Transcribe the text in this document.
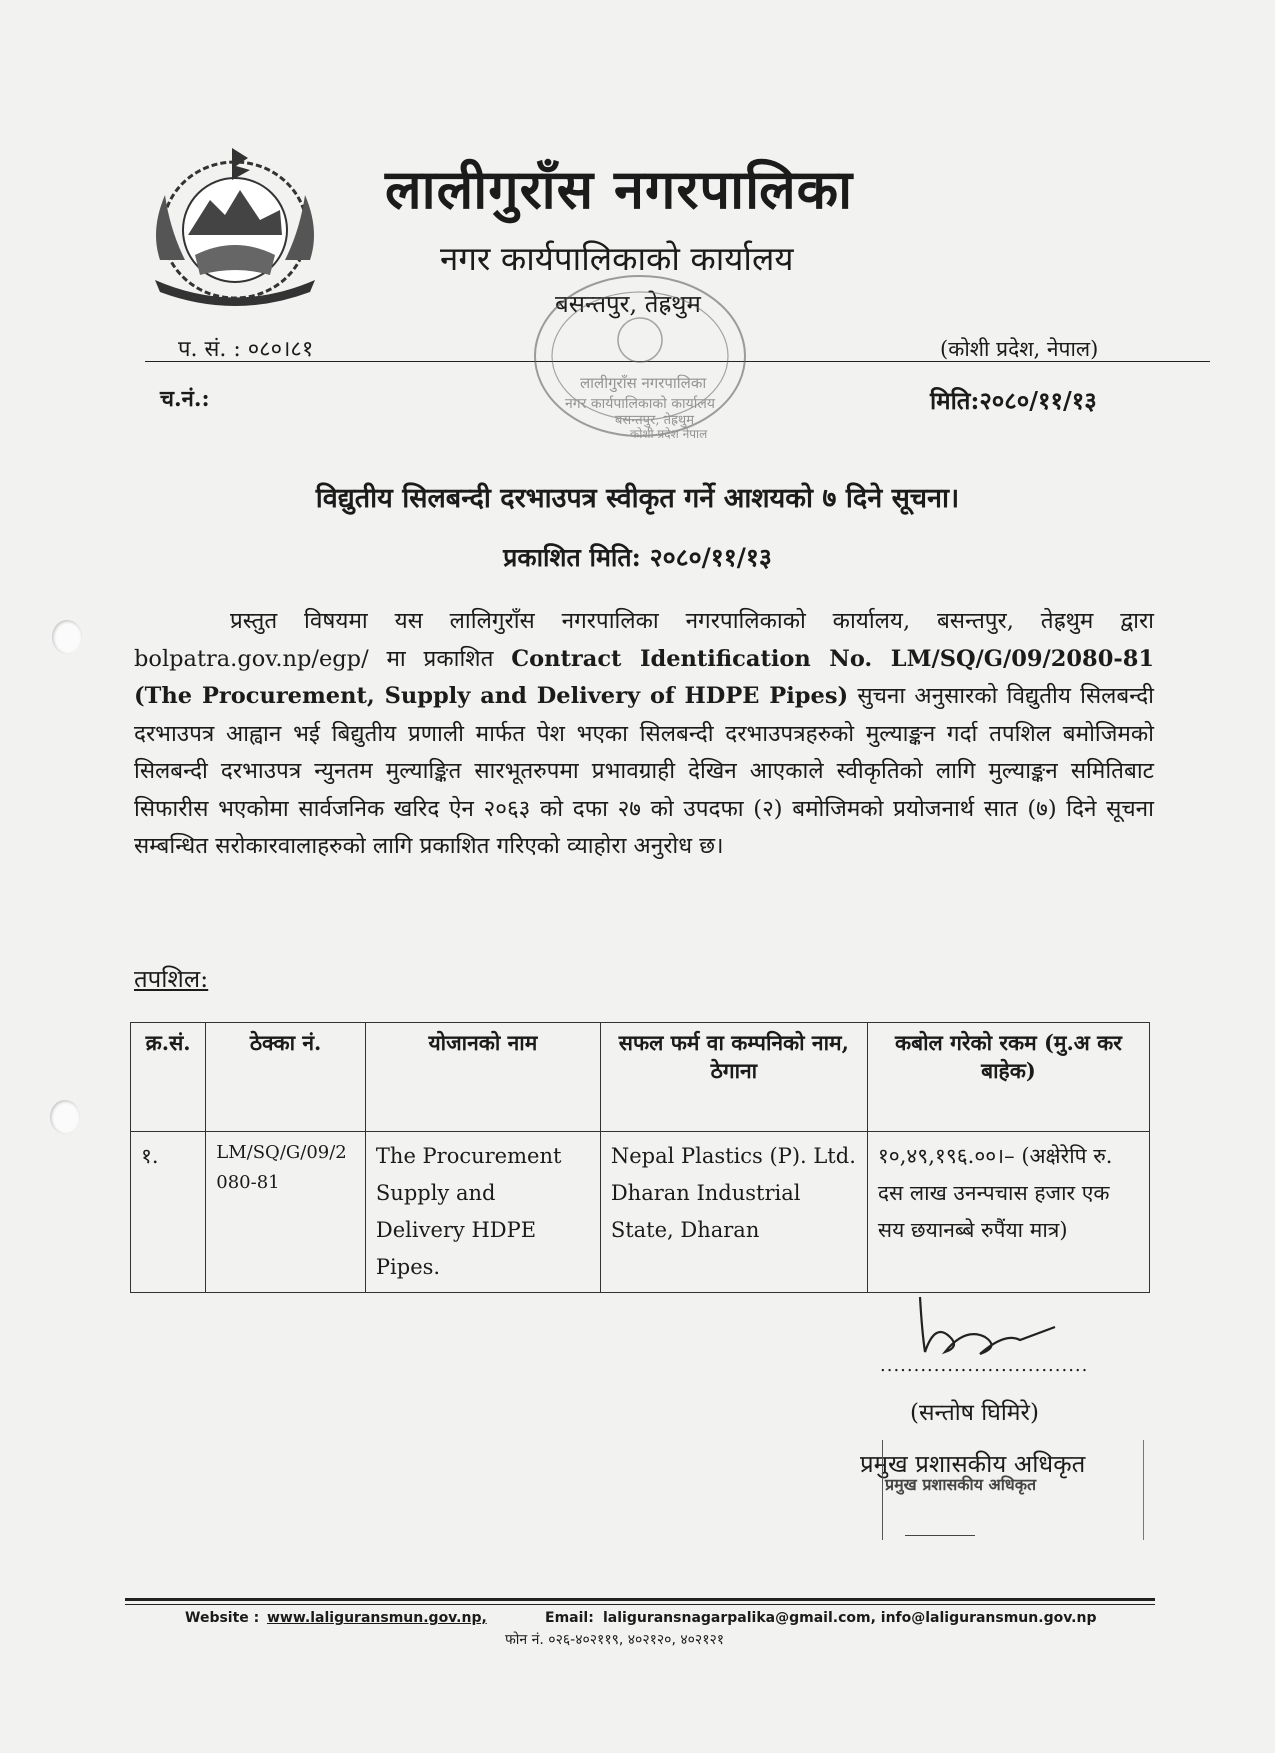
लालीगुराँस नगरपालिका
नगर कार्यपालिकाको कार्यालय
बसन्तपुर, तेह्रथुम
प. सं. : ०८०।८१	(कोशी प्रदेश, नेपाल)
च.नं.:	मिति:२०८०/११/१३
लालीगुराँस नगरपालिका
नगर कार्यपालिकाको कार्यालय
बसन्तपुर, तेह्रथुम
कोशी प्रदेश नेपाल
विद्युतीय सिलबन्दी दरभाउपत्र स्वीकृत गर्ने आशयको ७ दिने सूचना।
प्रकाशित मिति: २०८०/११/१३
प्रस्तुत विषयमा यस लालिगुराँस नगरपालिका नगरपालिकाको कार्यालय, बसन्तपुर, तेह्रथुम द्वारा bolpatra.gov.np/egp/ मा प्रकाशित Contract Identification No. LM/SQ/G/09/2080-81 (The Procurement, Supply and Delivery of HDPE Pipes) सुचना अनुसारको विद्युतीय सिलबन्दी दरभाउपत्र आह्वान भई बिद्युतीय प्रणाली मार्फत पेश भएका सिलबन्दी दरभाउपत्रहरुको मुल्याङ्कन गर्दा तपशिल बमोजिमको सिलबन्दी दरभाउपत्र न्युनतम मुल्याङ्कित सारभूतरुपमा प्रभावग्राही देखिन आएकाले स्वीकृतिको लागि मुल्याङ्कन समितिबाट सिफारीस भएकोमा सार्वजनिक खरिद ऐन २०६३ को दफा २७ को उपदफा (२) बमोजिमको प्रयोजनार्थ सात (७) दिने सूचना सम्बन्धित सरोकारवालाहरुको लागि प्रकाशित गरिएको व्याहोरा अनुरोध छ।
तपशिल:
क्र.सं.	ठेक्का नं.	योजानको नाम	सफल फर्म वा कम्पनिको नाम, ठेगाना	कबोल गरेको रकम (मु.अ कर बाहेक)
१.	LM/SQ/G/09/2080-81	The Procurement Supply and Delivery HDPE Pipes.	Nepal Plastics (P). Ltd. Dharan Industrial State, Dharan	१०,४९,१९६.००।– (अक्षेरेपि रु. दस लाख उनन्पचास हजार एक सय छयानब्बे रुपैंया मात्र)
...............................
(सन्तोष घिमिरे)
प्रमुख प्रशासकीय अधिकृत
प्रमुख प्रशासकीय अधिकृत
Website : www.laliguransmun.gov.np,	Email: laliguransnagarpalika@gmail.com, info@laliguransmun.gov.np
फोन नं. ०२६-४०२११९, ४०२१२०, ४०२१२१
